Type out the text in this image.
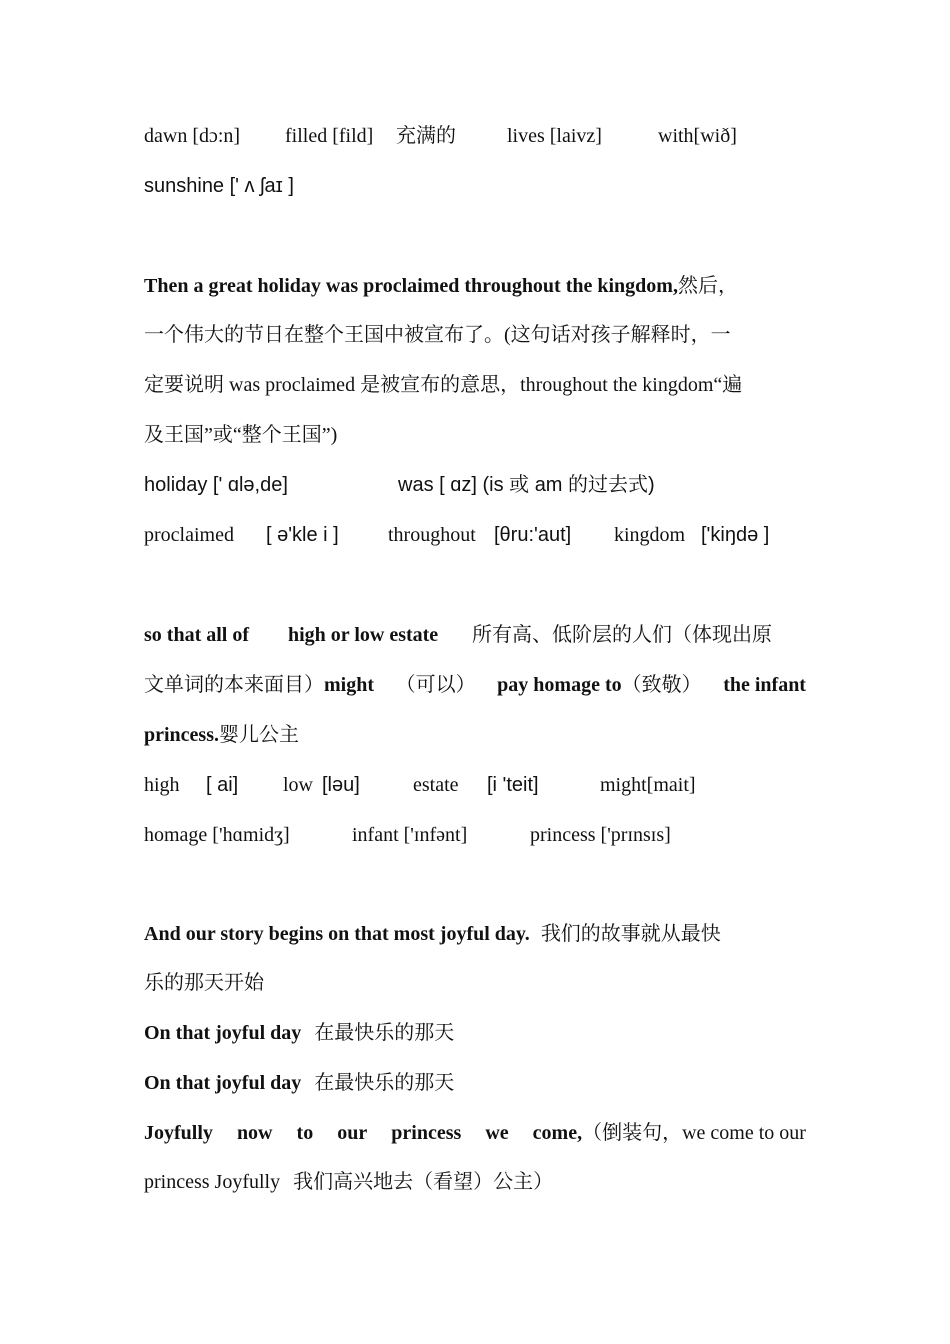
dawn [dɔ:n] filled [fild] 充满的	lives [laivz]	with[wið]
sunshine [' ʌ ʃaɪ ]
Then a great holiday was proclaimed throughout the kingdom,然后，
一个伟大的节日在整个王国中被宣布了。(这句话对孩子解释时，一
定要说明 was proclaimed 是被宣布的意思，throughout the kingdom“遍
及王国”或“整个王国”)
holiday [' ɑlə,de]	was [ ɑz] (is 或 am 的过去式)
proclaimed [ ə'kle i ] throughout [θru:'aut] kingdom ['kiŋdə ]
so that all of high or low estate 所有高、低阶层的人们（体现出原
文单词的本来面目）might （可以） pay homage to（致敬） the infant
princess.婴儿公主
high [ ai] low [ləu]	estate [i 'teit]	might[mait]
homage ['hɑmidʒ]	infant ['ɪnfənt]	princess ['prɪnsɪs]
And our story begins on that most joyful day. 我们的故事就从最快
乐的那天开始
On that joyful day 在最快乐的那天
On that joyful day 在最快乐的那天
Joyfully now to our princess we come,（倒装句，we come to our
princess Joyfully 我们高兴地去（看望）公主）
